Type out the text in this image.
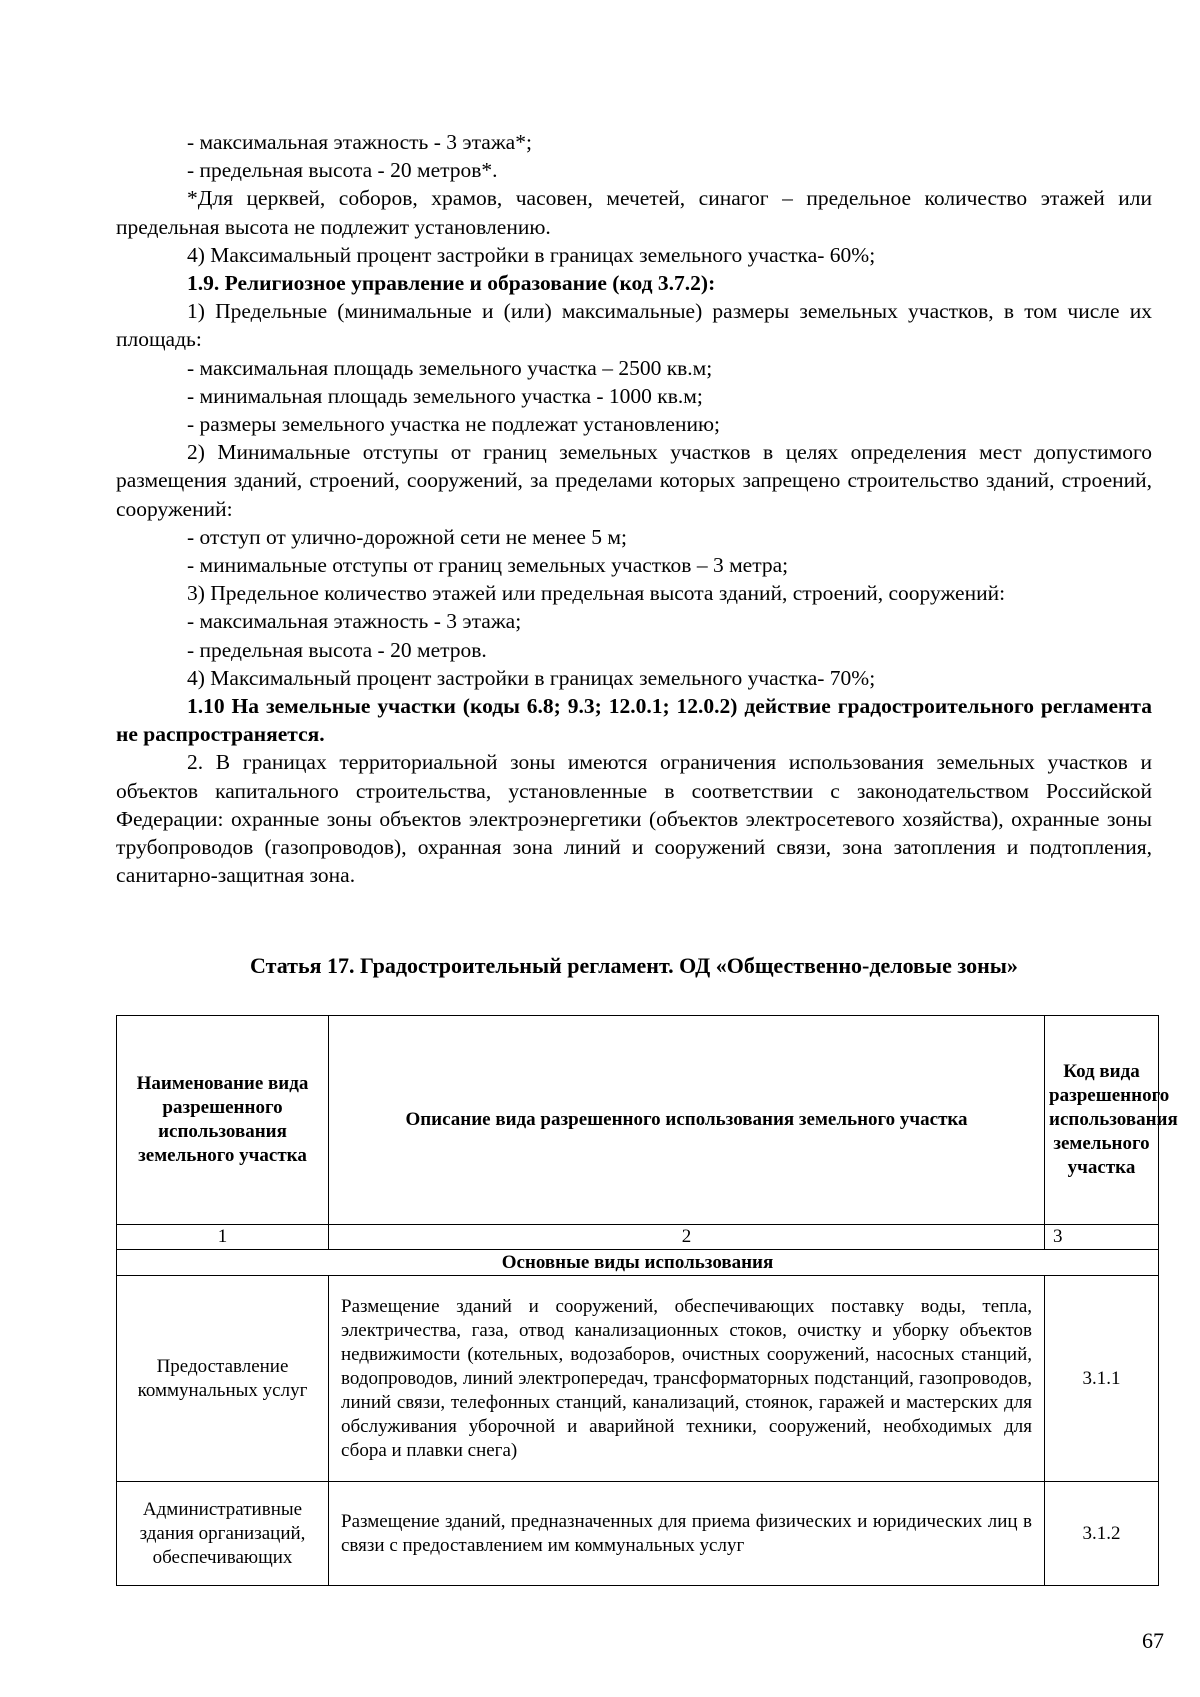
- максимальная этажность - 3 этажа*;

- предельная высота - 20 метров*.

*Для церквей, соборов, храмов, часовен, мечетей, синагог – предельное количество этажей или предельная высота не подлежит установлению.

4) Максимальный процент застройки в границах земельного участка- 60%;

1.9. Религиозное управление и образование (код 3.7.2):

1) Предельные (минимальные и (или) максимальные) размеры земельных участков, в том числе их площадь:

- максимальная площадь земельного участка – 2500 кв.м;

- минимальная площадь земельного участка - 1000 кв.м;

- размеры земельного участка не подлежат установлению;

2) Минимальные отступы от границ земельных участков в целях определения мест допустимого размещения зданий, строений, сооружений, за пределами которых запрещено строительство зданий, строений, сооружений:

- отступ от улично-дорожной сети не менее 5 м;

- минимальные отступы от границ земельных участков – 3 метра;

3) Предельное количество этажей или предельная высота зданий, строений, сооружений:

- максимальная этажность - 3 этажа;

- предельная высота - 20 метров.

4) Максимальный процент застройки в границах земельного участка- 70%;

1.10 На земельные участки (коды 6.8; 9.3; 12.0.1; 12.0.2) действие градостроительного регламента не распространяется.

2. В границах территориальной зоны имеются ограничения использования земельных участков и объектов капитального строительства, установленные в соответствии с законодательством Российской Федерации: охранные зоны объектов электроэнергетики (объектов электросетевого хозяйства), охранные зоны трубопроводов (газопроводов), охранная зона линий и сооружений связи, зона затопления и подтопления, санитарно-защитная зона.

Статья 17. Градостроительный регламент. ОД «Общественно-деловые зоны»
Наименование вида разрешенного использования земельного участка	Описание вида разрешенного использования земельного участка	Код вида разрешенного использования земельного участка
1	2	3
Основные виды использования		
Предоставление коммунальных услуг	Размещение зданий и сооружений, обеспечивающих поставку воды, тепла, электричества, газа, отвод канализационных стоков, очистку и уборку объектов недвижимости (котельных, водозаборов, очистных сооружений, насосных станций, водопроводов, линий электропередач, трансформаторных подстанций, газопроводов, линий связи, телефонных станций, канализаций, стоянок, гаражей и мастерских для обслуживания уборочной и аварийной техники, сооружений, необходимых для сбора и плавки снега)	3.1.1
Административные здания организаций, обеспечивающих	Размещение зданий, предназначенных для приема физических и юридических лиц в связи с предоставлением им коммунальных услуг	3.1.2
67
